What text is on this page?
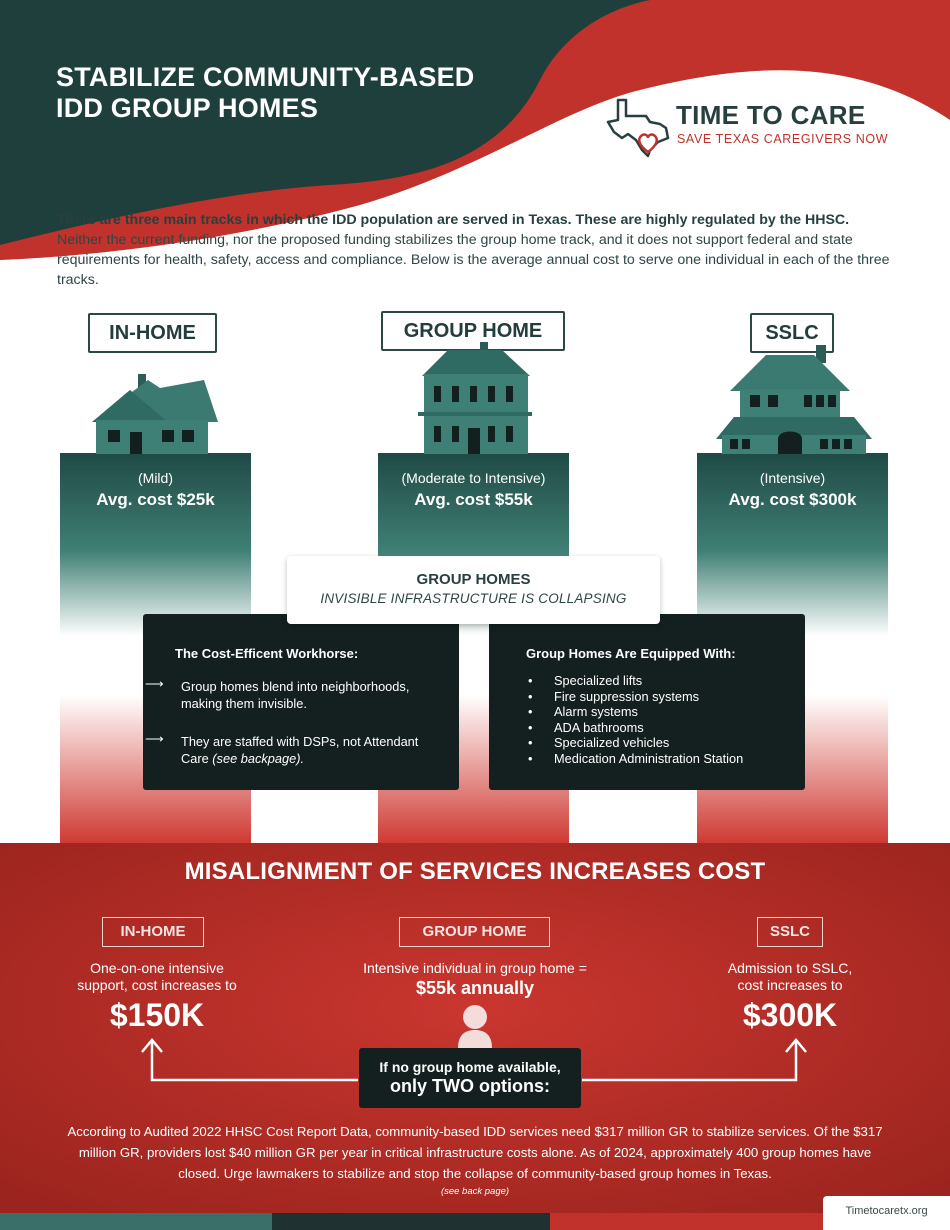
STABILIZE COMMUNITY-BASED
IDD GROUP HOMES	TIME TO CARE
SAVE TEXAS CAREGIVERS NOW
There are three main tracks in which the IDD population are served in Texas. These are highly regulated by the HHSC. Neither the current funding, nor the proposed funding stabilizes the group home track, and it does not support federal and state requirements for health, safety, access and compliance. Below is the average annual cost to serve one individual in each of the three tracks.
IN-HOME	GROUP HOME	SSLC
(Mild)
Avg. cost $25k
(Moderate to Intensive)
Avg. cost $55k
(Intensive)
Avg. cost $300k
The Cost-Efficent Workhorse:
⟶ Group homes blend into neighborhoods, making them invisible.
⟶ They are staffed with DSPs, not Attendant Care (see backpage).
Group Homes Are Equipped With:
• Specialized lifts
• Fire suppression systems
• Alarm systems
• ADA bathrooms
• Specialized vehicles
• Medication Administration Station
GROUP HOMES
INVISIBLE INFRASTRUCTURE IS COLLAPSING
MISALIGNMENT OF SERVICES INCREASES COST
IN-HOME	GROUP HOME	SSLC
One-on-one intensive
support, cost increases to
$150K
Intensive individual in group home =
$55k annually
Admission to SSLC,
cost increases to
$300K
If no group home available,
only TWO options:
According to Audited 2022 HHSC Cost Report Data, community-based IDD services need $317 million GR to stabilize services. Of the $317 million GR, providers lost $40 million GR per year in critical infrastructure costs alone. As of 2024, approximately 400 group homes have closed. Urge lawmakers to stabilize and stop the collapse of community-based group homes in Texas.
(see back page)
Timetocaretx.org
